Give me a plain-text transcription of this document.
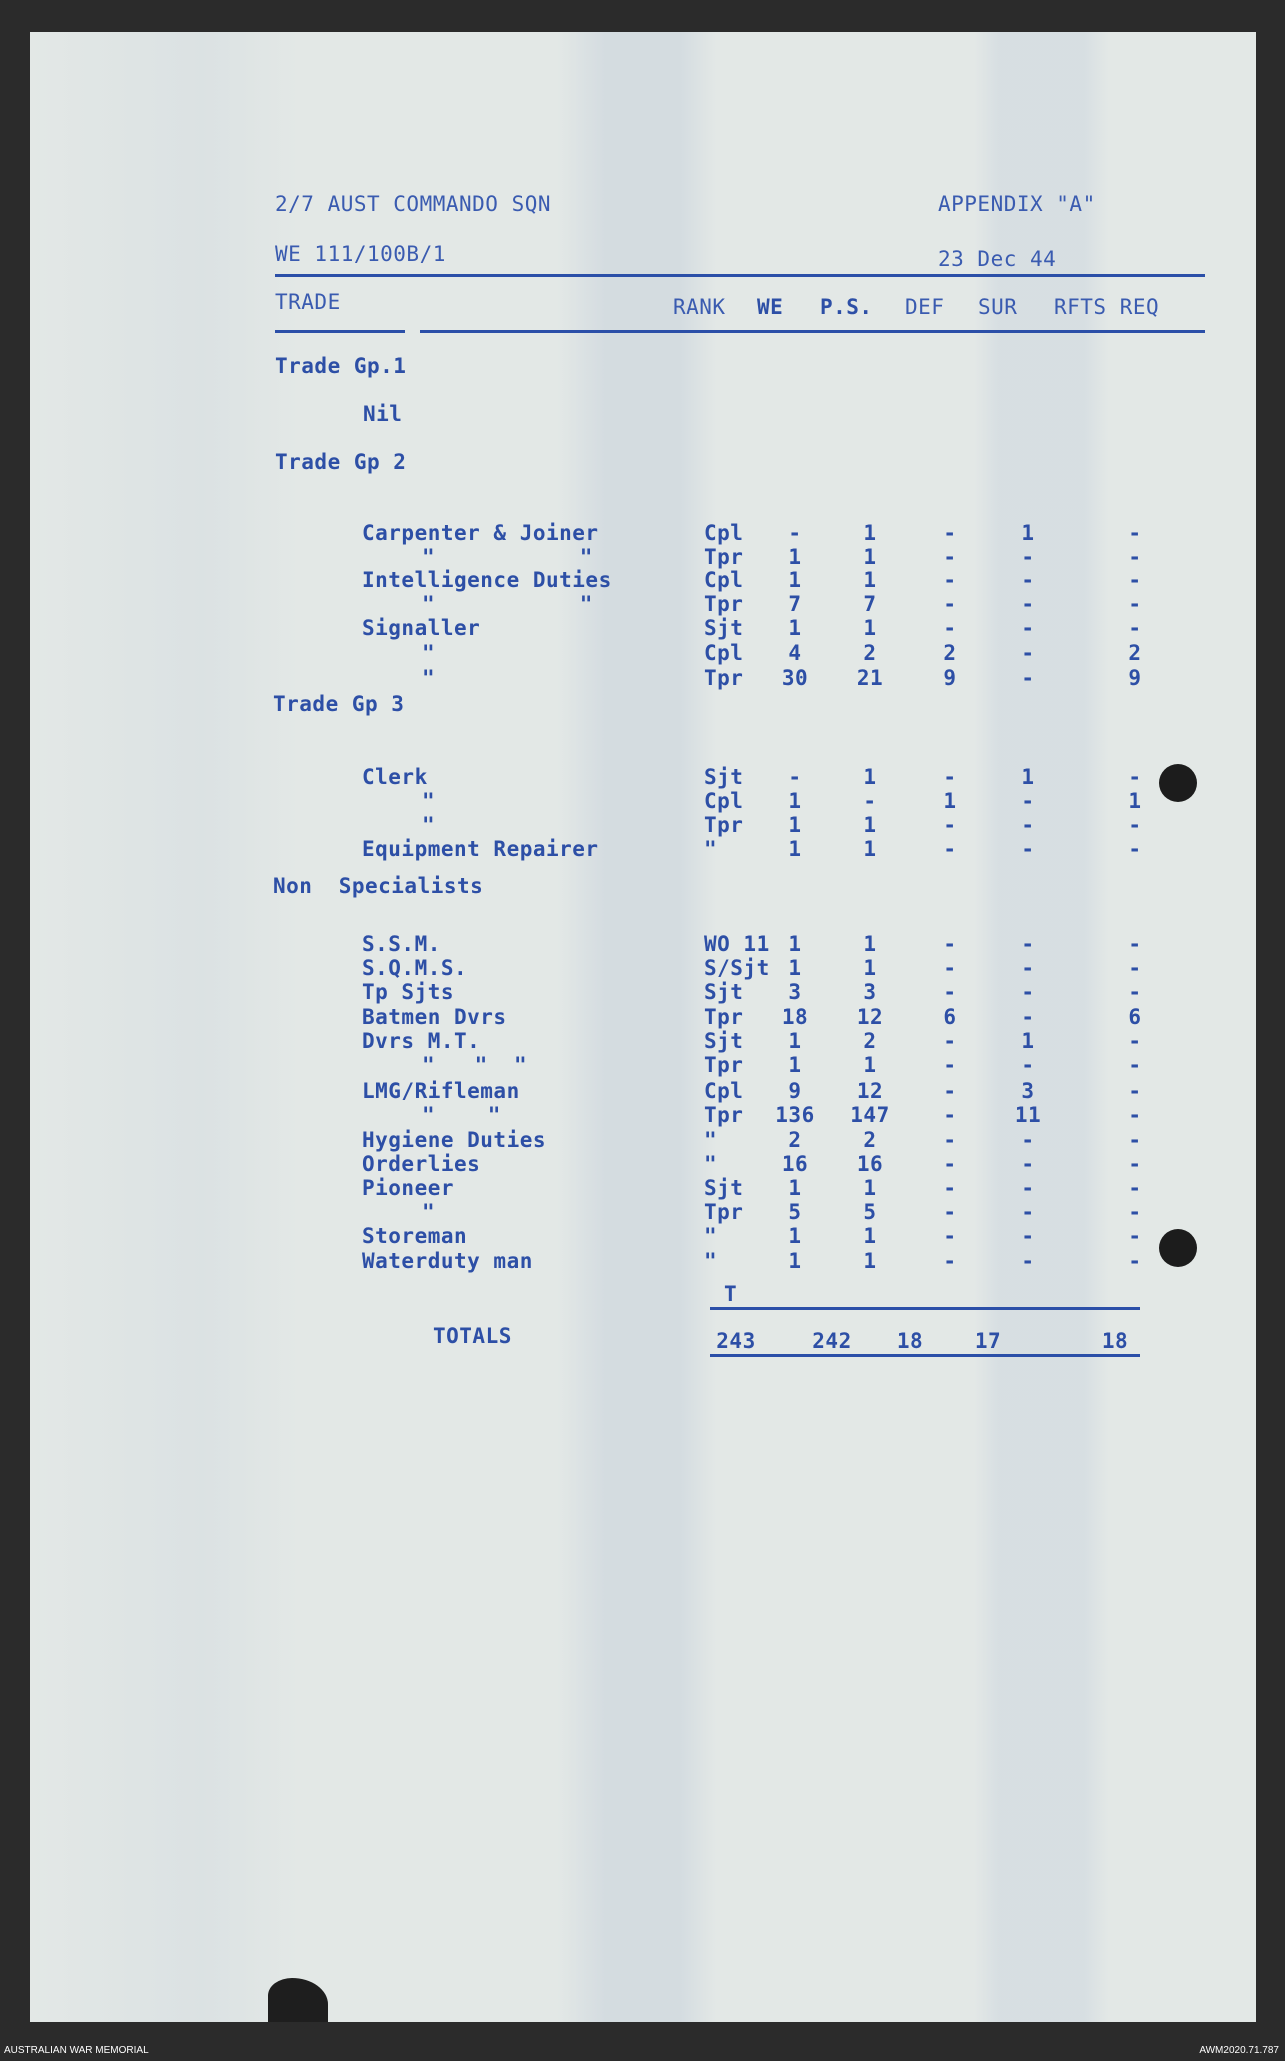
2/7 AUST COMMANDO SQN	APPENDIX "A"
WE 111/100B/1	23 Dec 44
TRADE	RANK WE P.S. DEF SUR RFTS REQ
Trade Gp.1
Nil
Trade Gp 2
Trade Gp 3
Non  Specialists
Carpenter & Joiner	Cpl	-	1	-	1	-
"           "	Tpr	1	1	-	-	-
Intelligence Duties	Cpl	1	1	-	-	-
"           "	Tpr	7	7	-	-	-
Signaller	Sjt	1	1	-	-	-
"	Cpl	4	2	2	-	2
"	Tpr	30	21	9	-	9
Clerk	Sjt	-	1	-	1	-
"	Cpl	1	-	1	-	1
"	Tpr	1	1	-	-	-
Equipment Repairer	"	1	1	-	-	-
S.S.M.	WO 11 1	1	-	-	-
S.Q.M.S.	S/Sjt 1	1	-	-	-
Tp Sjts	Sjt	3	3	-	-	-
Batmen Dvrs	Tpr	18	12	6	-	6
Dvrs M.T.	Sjt	1	2	-	1	-
"   "  "	Tpr	1	1	-	-	-
LMG/Rifleman	Cpl	9	12	-	3	-
"    "	Tpr	136	147	-	11	-
Hygiene Duties	"	2	2	-	-	-
Orderlies	"	16	16	-	-	-
Pioneer	Sjt	1	1	-	-	-
"	Tpr	5	5	-	-	-
Storeman	"	1	1	-	-	-
Waterduty man	"	1	1	-	-	-
T
TOTALS	243	242	18	17	18
AUSTRALIAN WAR MEMORIAL	AWM2020.71.787
